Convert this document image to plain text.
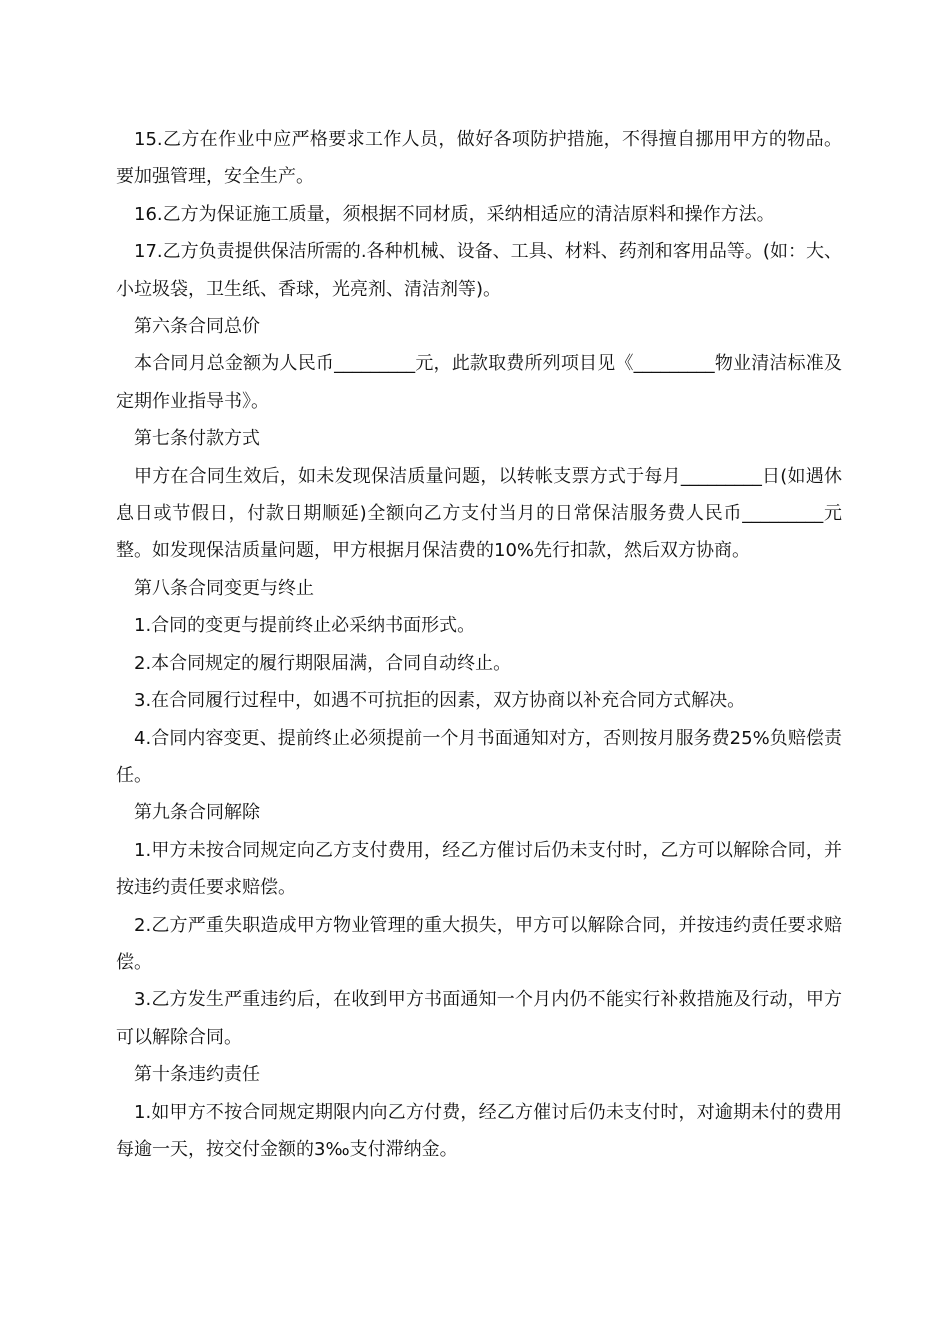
15.乙方在作业中应严格要求工作人员，做好各项防护措施，不得擅自挪用甲方的物品。要加强管理，安全生产。

16.乙方为保证施工质量，须根据不同材质，采纳相适应的清洁原料和操作方法。

17.乙方负责提供保洁所需的.各种机械、设备、工具、材料、药剂和客用品等。(如：大、小垃圾袋，卫生纸、香球，光亮剂、清洁剂等)。

第六条合同总价

本合同月总金额为人民币_________元，此款取费所列项目见《_________物业清洁标准及定期作业指导书》。

第七条付款方式

甲方在合同生效后，如未发现保洁质量问题，以转帐支票方式于每月_________日(如遇休息日或节假日，付款日期顺延)全额向乙方支付当月的日常保洁服务费人民币_________元整。如发现保洁质量问题，甲方根据月保洁费的10%先行扣款，然后双方协商。

第八条合同变更与终止

1.合同的变更与提前终止必采纳书面形式。

2.本合同规定的履行期限届满，合同自动终止。

3.在合同履行过程中，如遇不可抗拒的因素，双方协商以补充合同方式解决。

4.合同内容变更、提前终止必须提前一个月书面通知对方，否则按月服务费25%负赔偿责任。

第九条合同解除

1.甲方未按合同规定向乙方支付费用，经乙方催讨后仍未支付时，乙方可以解除合同，并按违约责任要求赔偿。

2.乙方严重失职造成甲方物业管理的重大损失，甲方可以解除合同，并按违约责任要求赔偿。

3.乙方发生严重违约后，在收到甲方书面通知一个月内仍不能实行补救措施及行动，甲方可以解除合同。

第十条违约责任

1.如甲方不按合同规定期限内向乙方付费，经乙方催讨后仍未支付时，对逾期未付的费用每逾一天，按交付金额的3‰支付滞纳金。
